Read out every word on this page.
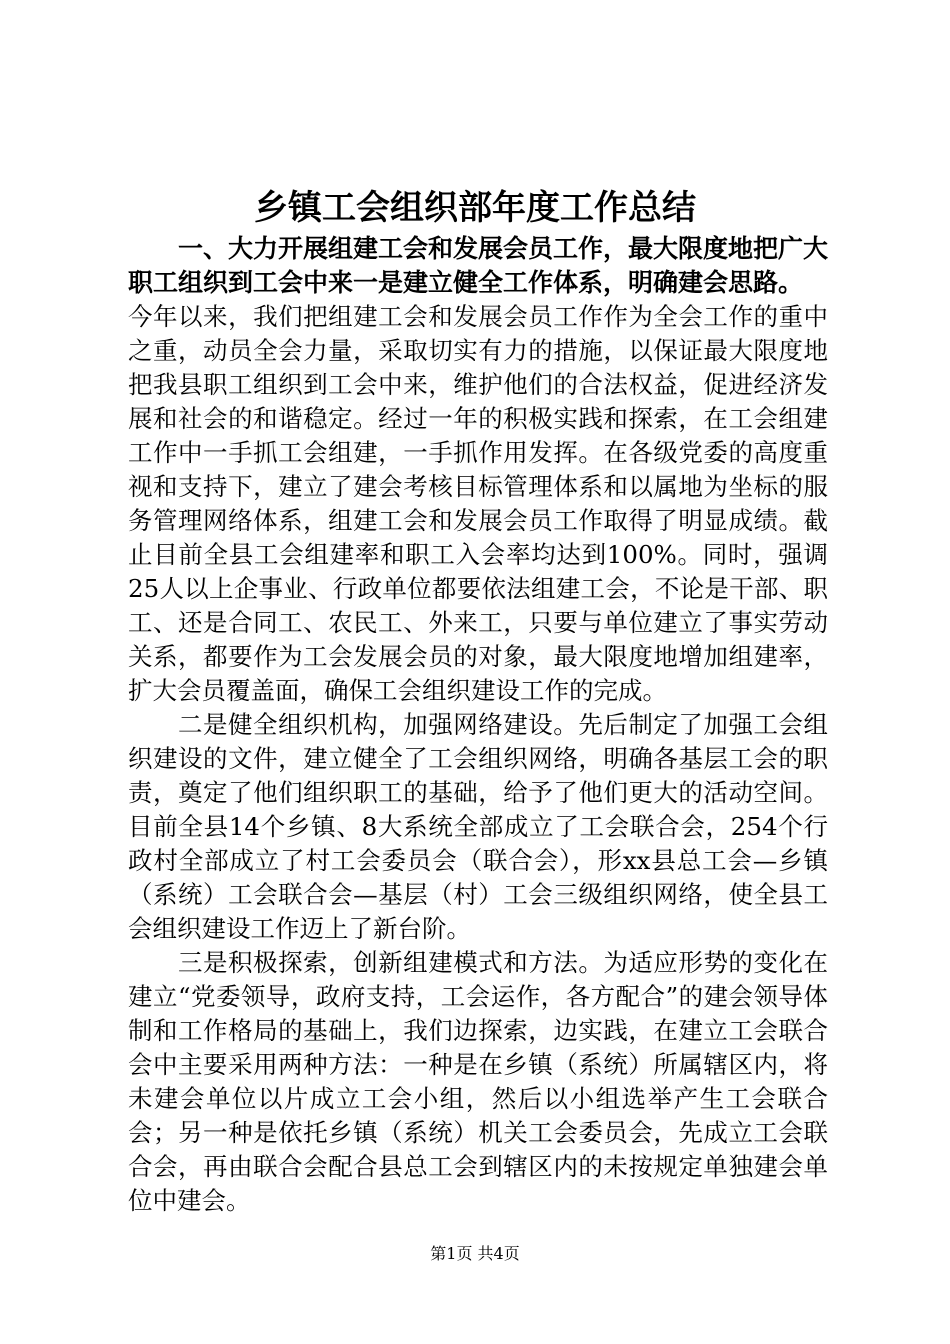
乡镇工会组织部年度工作总结

一、大力开展组建工会和发展会员工作，最大限度地把广大职工组织到工会中来一是建立健全工作体系，明确建会思路。

今年以来，我们把组建工会和发展会员工作作为全会工作的重中之重，动员全会力量，采取切实有力的措施，以保证最大限度地把我县职工组织到工会中来，维护他们的合法权益，促进经济发展和社会的和谐稳定。经过一年的积极实践和探索，在工会组建工作中一手抓工会组建，一手抓作用发挥。在各级党委的高度重视和支持下，建立了建会考核目标管理体系和以属地为坐标的服务管理网络体系，组建工会和发展会员工作取得了明显成绩。截止目前全县工会组建率和职工入会率均达到100%。同时，强调25人以上企事业、行政单位都要依法组建工会，不论是干部、职工、还是合同工、农民工、外来工，只要与单位建立了事实劳动关系，都要作为工会发展会员的对象，最大限度地增加组建率，扩大会员覆盖面，确保工会组织建设工作的完成。

二是健全组织机构，加强网络建设。先后制定了加强工会组织建设的文件，建立健全了工会组织网络，明确各基层工会的职责，奠定了他们组织职工的基础，给予了他们更大的活动空间。目前全县14个乡镇、8大系统全部成立了工会联合会，254个行政村全部成立了村工会委员会（联合会），形xx县总工会—乡镇（系统）工会联合会—基层（村）工会三级组织网络，使全县工会组织建设工作迈上了新台阶。

三是积极探索，创新组建模式和方法。为适应形势的变化在建立“党委领导，政府支持，工会运作，各方配合”的建会领导体制和工作格局的基础上，我们边探索，边实践，在建立工会联合会中主要采用两种方法：一种是在乡镇（系统）所属辖区内，将未建会单位以片成立工会小组，然后以小组选举产生工会联合会；另一种是依托乡镇（系统）机关工会委员会，先成立工会联合会，再由联合会配合县总工会到辖区内的未按规定单独建会单位中建会。

第1页 共4页
